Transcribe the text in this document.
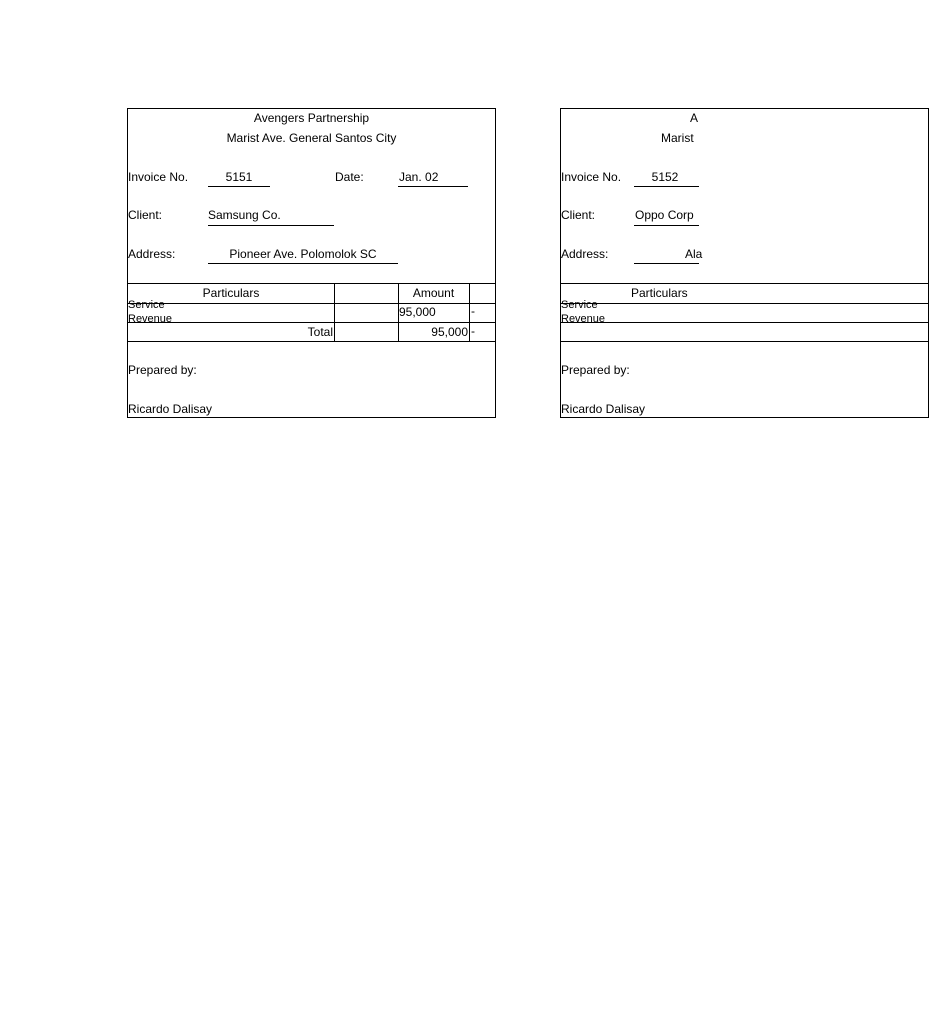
Avengers Partnership
Marist Ave. General Santos City
Invoice No.	5151	Date:	Jan. 02
Client:	Samsung Co.
Address:	Pioneer Ave. Polomolok SC
Particulars	Amount
Service
Revenue	95,000	-
Total	95,000 -
Prepared by:
Ricardo Dalisay
A
Marist
Invoice No.	5152
Client:	Oppo Corp
Address:	Ala
Particulars
Service
Revenue
Prepared by:
Ricardo Dalisay
